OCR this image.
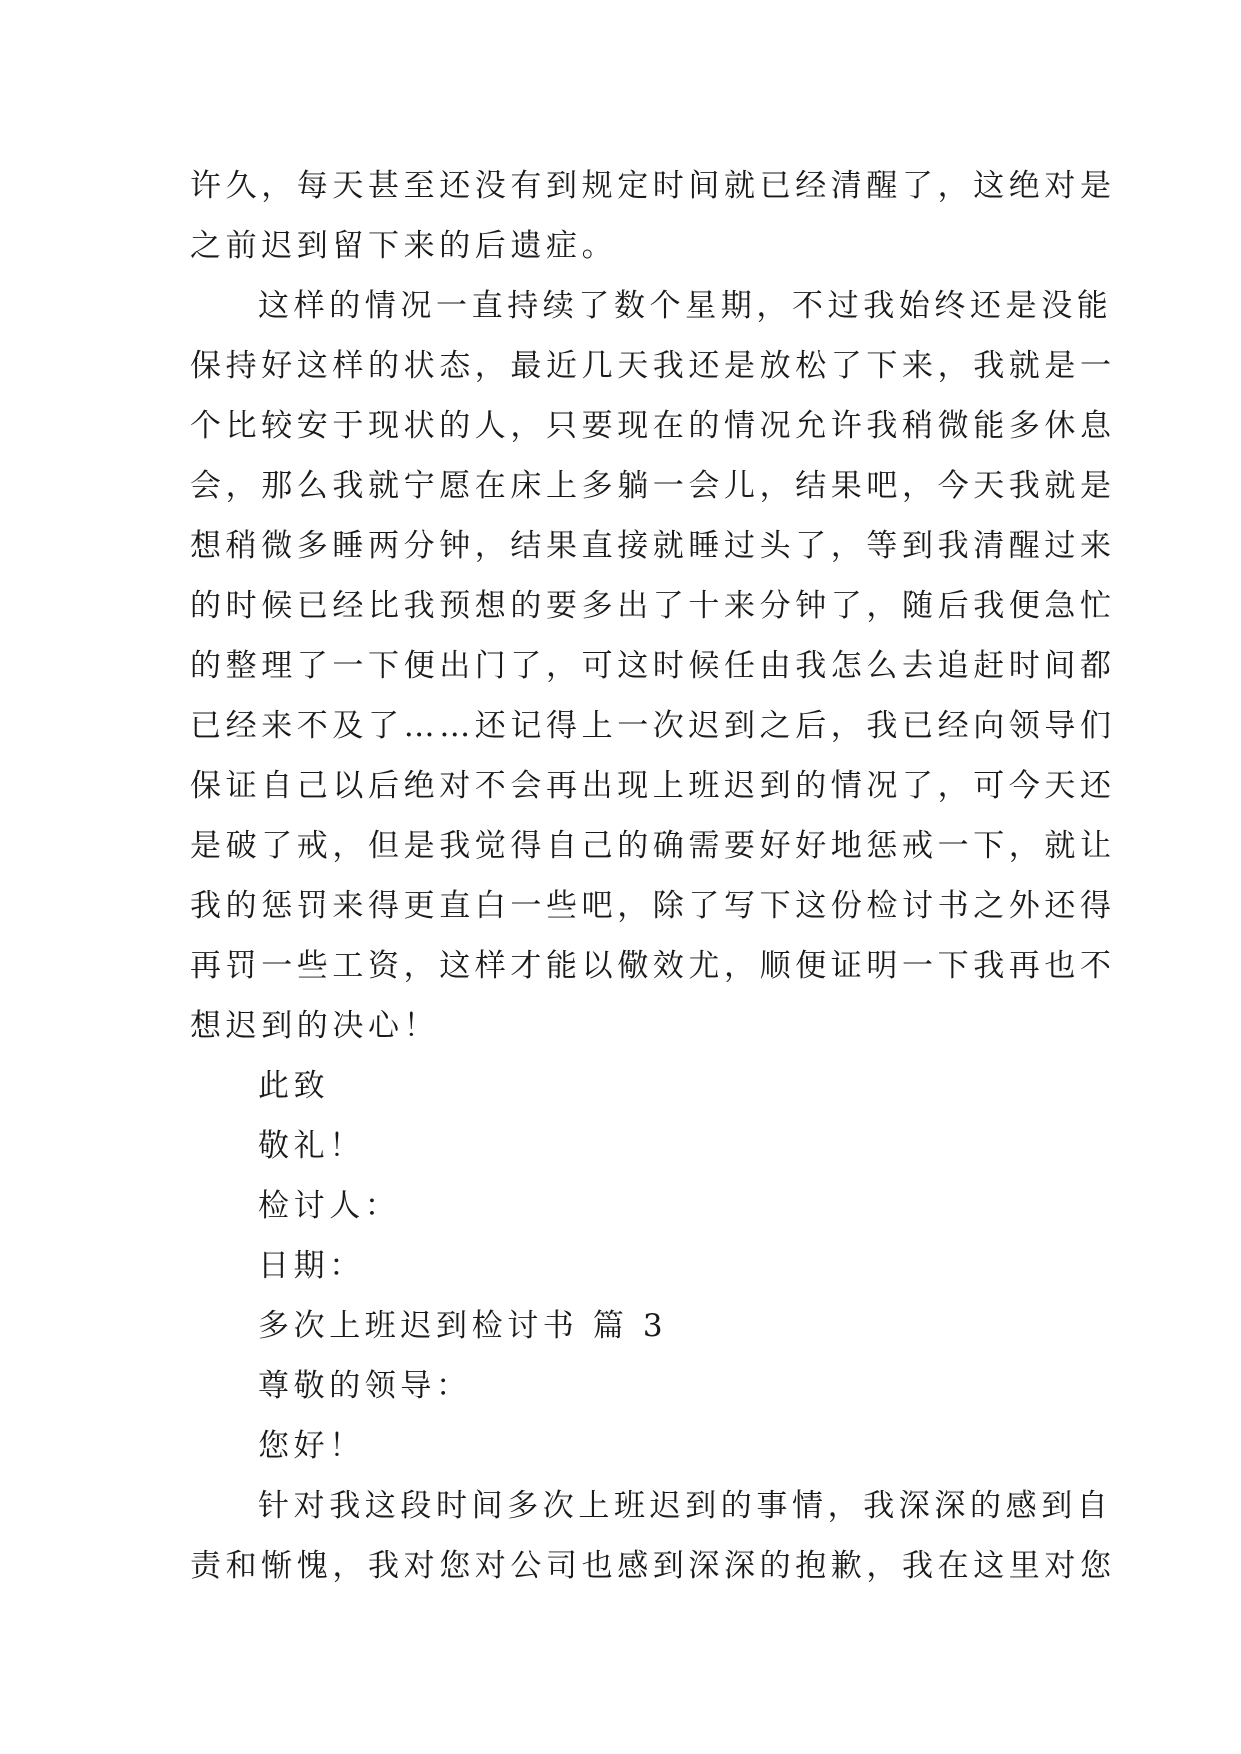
许久，每天甚至还没有到规定时间就已经清醒了，这绝对是
之前迟到留下来的后遗症。
这样的情况一直持续了数个星期，不过我始终还是没能
保持好这样的状态，最近几天我还是放松了下来，我就是一
个比较安于现状的人，只要现在的情况允许我稍微能多休息
会，那么我就宁愿在床上多躺一会儿，结果吧，今天我就是
想稍微多睡两分钟，结果直接就睡过头了，等到我清醒过来
的时候已经比我预想的要多出了十来分钟了，随后我便急忙
的整理了一下便出门了，可这时候任由我怎么去追赶时间都
已经来不及了……还记得上一次迟到之后，我已经向领导们
保证自己以后绝对不会再出现上班迟到的情况了，可今天还
是破了戒，但是我觉得自己的确需要好好地惩戒一下，就让
我的惩罚来得更直白一些吧，除了写下这份检讨书之外还得
再罚一些工资，这样才能以儆效尤，顺便证明一下我再也不
想迟到的决心！
此致
敬礼！
检讨人：
日期：
多次上班迟到检讨书 篇 3
尊敬的领导：
您好！
针对我这段时间多次上班迟到的事情，我深深的感到自
责和惭愧，我对您对公司也感到深深的抱歉，我在这里对您
